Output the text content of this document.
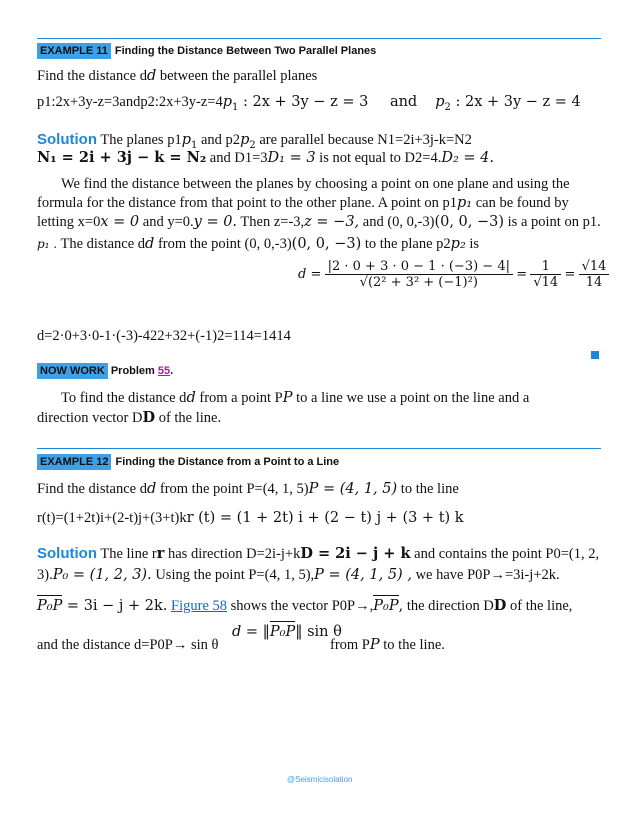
EXAMPLE 11 Finding the Distance Between Two Parallel Planes
Find the distance dd between the parallel planes
$p1:2x+3y-z=3andp2:2x+3y-z=4p_1$ : 2x + 3y − z = 3 and $p_2$ : 2x + 3y − z = 4
Solution The planes $p1p_1$ and $p2p_2$ are parallel because N1=2i+3j-k=N2
N₁ = 2i + 3j − k = N₂ and D1=3D₁ = 3 is not equal to D2=4.D₂ = 4.
We find the distance between the planes by choosing a point on one plane and using the
formula for the distance from that point to the other plane. A point on p1p₁ can be found by
letting x=0x = 0 and y=0.y = 0. Then z=-3,z = −3, and (0, 0,-3)(0, 0, −3) is a point on p1.
p₁ . The distance dd from the point (0, 0,-3)(0, 0, −3) to the plane p2p₂ is
$d = \frac{|2 \cdot 0 + 3 \cdot 0 - 1 \cdot (-3) - 4|}{\text{√(2² + 3² + (−1)²)}} = \frac{1}{√14} = \frac{√14}{14}$
d=2·0+3·0-1·(-3)-422+32+(-1)2=114=1414
NOW WORK Problem 55.
To find the distance dd from a point PP to a line we use a point on the line and a
direction vector DD of the line.
EXAMPLE 12 Finding the Distance from a Point to a Line
Find the distance dd from the point P=(4, 1, 5)P = (4, 1, 5) to the line
r(t)=(1+2t)i+(2-t)j+(3+t)kr (t) = (1 + 2t) i + (2 − t) j + (3 + t) k
Solution The line rr has direction D=2i-j+kD = 2i − j + k and contains the point P0=(1, 2,
3).P₀ = (1, 2, 3). Using the point P=(4, 1, 5),P = (4, 1, 5) , we have P0P→=3i-j+2k.
P₀P = 3i − j + 2k. Figure 58 shows the vector P0P→,P₀P, the direction DD of the line,
and the distance d=P0P→ sin θ
d = ‖P₀P‖ sin θ
from PP to the line.
@Seismicisolation
